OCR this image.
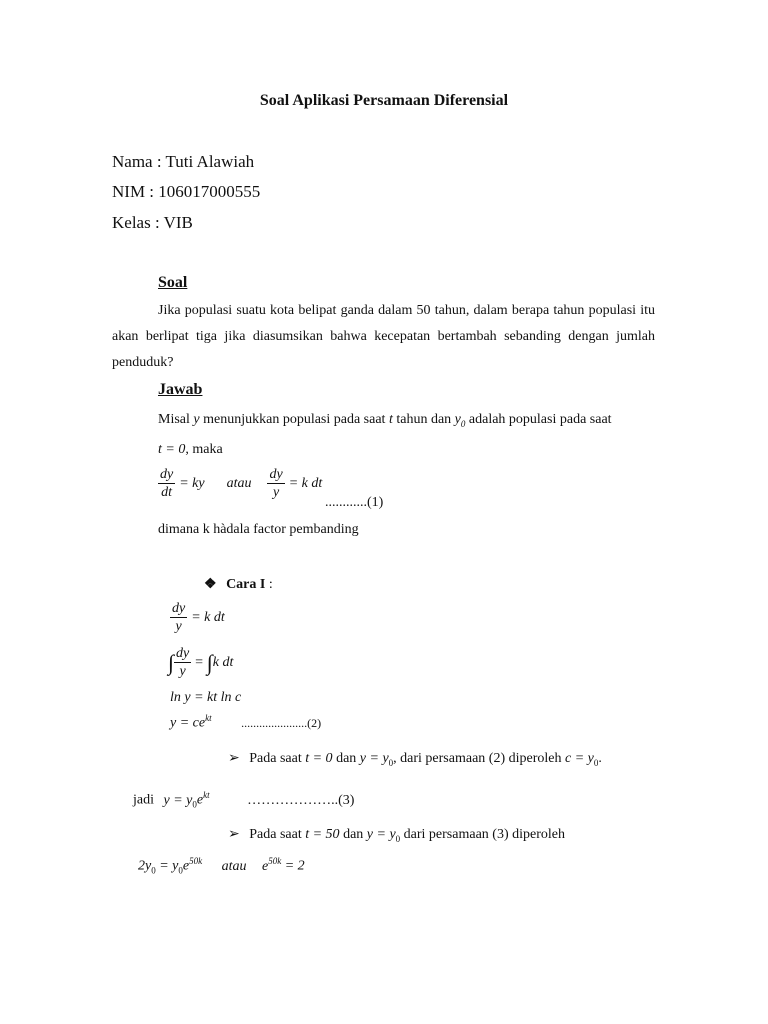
Soal Aplikasi Persamaan Diferensial
Nama : Tuti Alawiah
NIM : 106017000555
Kelas : VIB
Soal
Jika populasi suatu kota belipat ganda dalam 50 tahun, dalam berapa tahun populasi itu akan berlipat tiga jika diasumsikan bahwa kecepatan bertambah sebanding dengan jumlah penduduk?
Jawab
Misal y menunjukkan populasi pada saat t tahun dan $y_0$ adalah populasi pada saat
t = 0, maka
$\frac{dy}{dt}$ = ky atau $\frac{dy}{y} = k$ dt
............(1)
dimana k hàdala factor pembanding
❖ Cara I :
$\frac{dy}{y} = k$ dt
∫ $\frac{dy}{y}$ = ∫ k dt
ln y = kt ln c
$y = ce^{kt}$ ......................(2)
➢ Pada saat t = 0 dan $y = y_0$, dari persamaan (2) diperoleh $c = y_0$.
jadi $y = y_0e^{kt}$	………………..(3)
➢ Pada saat t = 50 dan $y = y_0$ dari persamaan (3) diperoleh
$2y_0 = y_0e^{50k}$ atau $e^{50k} = 2$
